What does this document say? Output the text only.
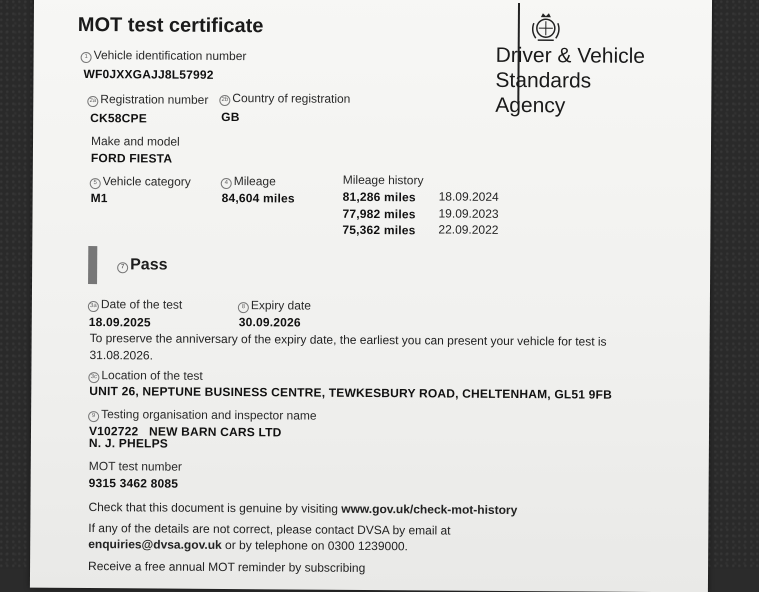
MOT test certificate
Driver & Vehicle
Standards
Agency
1 Vehicle identification number
WF0JXXGAJJ8L57992
2a Registration number
CK58CPE
2b Country of registration
GB
Make and model
FORD FIESTA
5 Vehicle category
M1
4 Mileage
84,604 miles
Mileage history
81,286 miles 18.09.2024
77,982 miles 19.09.2023
75,362 miles 22.09.2022
7 Pass
3a Date of the test
18.09.2025
8 Expiry date
30.09.2026
To preserve the anniversary of the expiry date, the earliest you can present your vehicle for test is
31.08.2026.
3c Location of the test
UNIT 26, NEPTUNE BUSINESS CENTRE, TEWKESBURY ROAD, CHELTENHAM, GL51 9FB
9 Testing organisation and inspector name
V102722   NEW BARN CARS LTD
N. J. PHELPS
MOT test number
9315 3462 8085
Check that this document is genuine by visiting www.gov.uk/check-mot-history
If any of the details are not correct, please contact DVSA by email at
enquiries@dvsa.gov.uk or by telephone on 0300 1239000.
Receive a free annual MOT reminder by subscribing
